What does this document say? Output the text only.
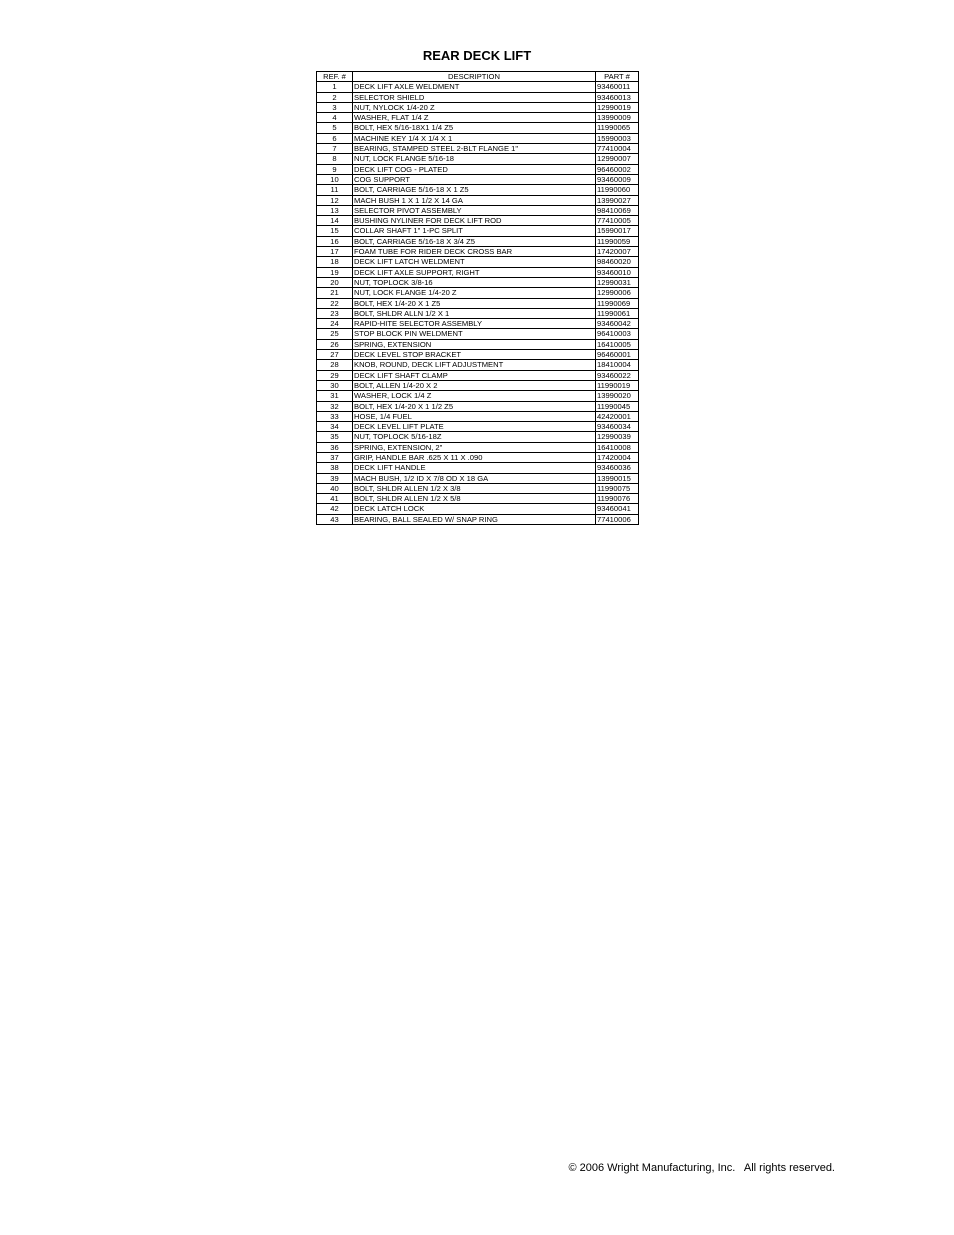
REAR DECK LIFT
REF. #	DESCRIPTION	PART #
1	DECK LIFT AXLE WELDMENT	93460011
2	SELECTOR SHIELD	93460013
3	NUT, NYLOCK 1/4-20 Z	12990019
4	WASHER, FLAT 1/4 Z	13990009
5	BOLT, HEX 5/16-18X1 1/4 Z5	11990065
6	MACHINE KEY 1/4 X 1/4 X 1	15990003
7	BEARING, STAMPED STEEL 2-BLT FLANGE 1"	77410004
8	NUT, LOCK FLANGE 5/16-18	12990007
9	DECK LIFT COG - PLATED	96460002
10	COG SUPPORT	93460009
11	BOLT, CARRIAGE 5/16-18 X 1 Z5	11990060
12	MACH BUSH 1 X 1 1/2 X 14 GA	13990027
13	SELECTOR PIVOT ASSEMBLY	98410069
14	BUSHING NYLINER FOR DECK LIFT ROD	77410005
15	COLLAR SHAFT 1" 1-PC SPLIT	15990017
16	BOLT, CARRIAGE 5/16-18 X 3/4 Z5	11990059
17	FOAM TUBE FOR RIDER DECK CROSS BAR	17420007
18	DECK LIFT LATCH WELDMENT	98460020
19	DECK LIFT AXLE SUPPORT, RIGHT	93460010
20	NUT, TOPLOCK 3/8-16	12990031
21	NUT, LOCK FLANGE 1/4-20 Z	12990006
22	BOLT, HEX 1/4-20 X 1 Z5	11990069
23	BOLT, SHLDR ALLN 1/2 X 1	11990061
24	RAPID-HITE SELECTOR ASSEMBLY	93460042
25	STOP BLOCK PIN WELDMENT	96410003
26	SPRING, EXTENSION	16410005
27	DECK LEVEL STOP BRACKET	96460001
28	KNOB, ROUND, DECK LIFT ADJUSTMENT	18410004
29	DECK LIFT SHAFT CLAMP	93460022
30	BOLT, ALLEN 1/4-20 X 2	11990019
31	WASHER, LOCK 1/4 Z	13990020
32	BOLT, HEX 1/4-20 X 1 1/2 Z5	11990045
33	HOSE, 1/4 FUEL	42420001
34	DECK LEVEL LIFT PLATE	93460034
35	NUT, TOPLOCK 5/16-18Z	12990039
36	SPRING, EXTENSION, 2"	16410008
37	GRIP, HANDLE BAR .625 X 11 X .090	17420004
38	DECK LIFT HANDLE	93460036
39	MACH BUSH, 1/2 ID X 7/8 OD X 18 GA	13990015
40	BOLT, SHLDR ALLEN 1/2 X 3/8	11990075
41	BOLT, SHLDR ALLEN 1/2 X 5/8	11990076
42	DECK LATCH LOCK	93460041
43	BEARING, BALL SEALED W/ SNAP RING	77410006
© 2006 Wright Manufacturing, Inc.   All rights reserved.
